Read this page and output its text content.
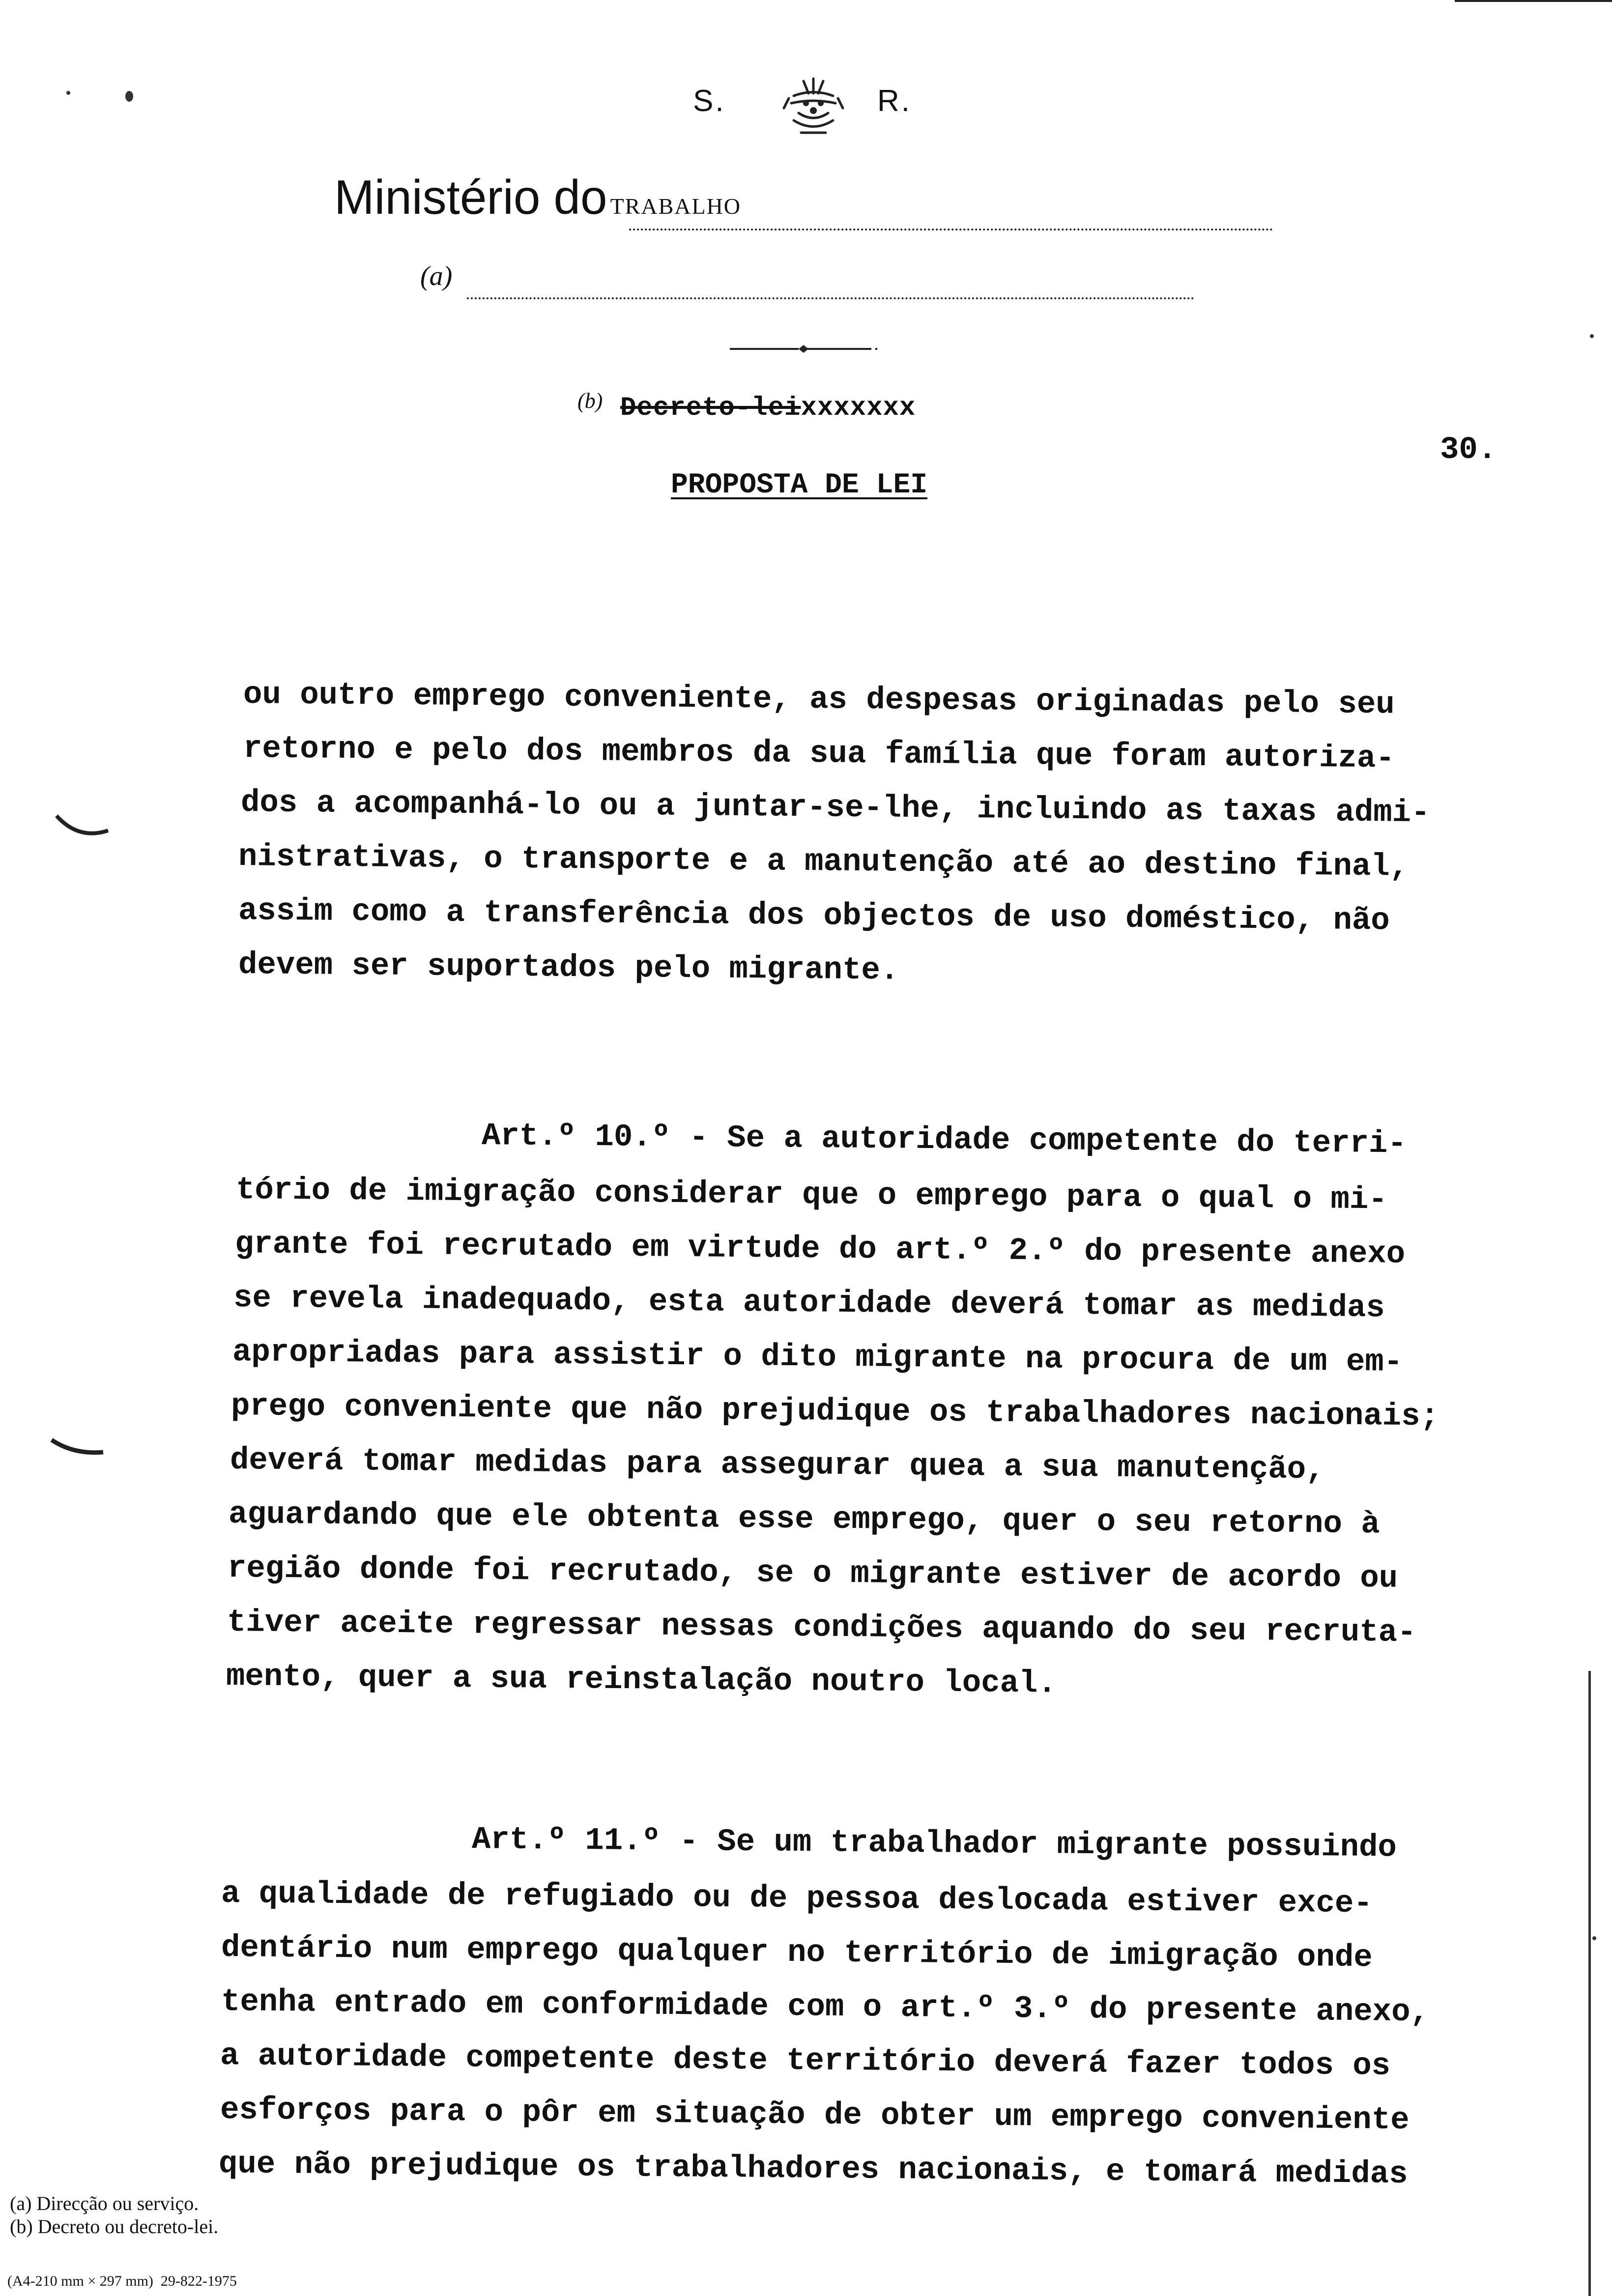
S.	R.
Ministério do TRABALHO
(a)
(b) Decreto-leixxxxxxx
30.
PROPOSTA DE LEI
ou outro emprego conveniente, as despesas originadas pelo seu
retorno e pelo dos membros da sua família que foram autoriza-
dos a acompanhá-lo ou a juntar-se-lhe, incluindo as taxas admi-
nistrativas, o transporte e a manutenção até ao destino final,
assim como a transferência dos objectos de uso doméstico, não
devem ser suportados pelo migrante.
Art.º 10.º - Se a autoridade competente do terri-
tório de imigração considerar que o emprego para o qual o mi-
grante foi recrutado em virtude do art.º 2.º do presente anexo
se revela inadequado, esta autoridade deverá tomar as medidas
apropriadas para assistir o dito migrante na procura de um em-
prego conveniente que não prejudique os trabalhadores nacionais;
deverá tomar medidas para assegurar quea a sua manutenção,
aguardando que ele obtenta esse emprego, quer o seu retorno à
região donde foi recrutado, se o migrante estiver de acordo ou
tiver aceite regressar nessas condições aquando do seu recruta-
mento, quer a sua reinstalação noutro local.
Art.º 11.º - Se um trabalhador migrante possuindo
a qualidade de refugiado ou de pessoa deslocada estiver exce-
dentário num emprego qualquer no território de imigração onde
tenha entrado em conformidade com o art.º 3.º do presente anexo,
a autoridade competente deste território deverá fazer todos os
esforços para o pôr em situação de obter um emprego conveniente
que não prejudique os trabalhadores nacionais, e tomará medidas
(a) Direcção ou serviço.
(b) Decreto ou decreto-lei.
(A4-210 mm × 297 mm)  29-822-1975
